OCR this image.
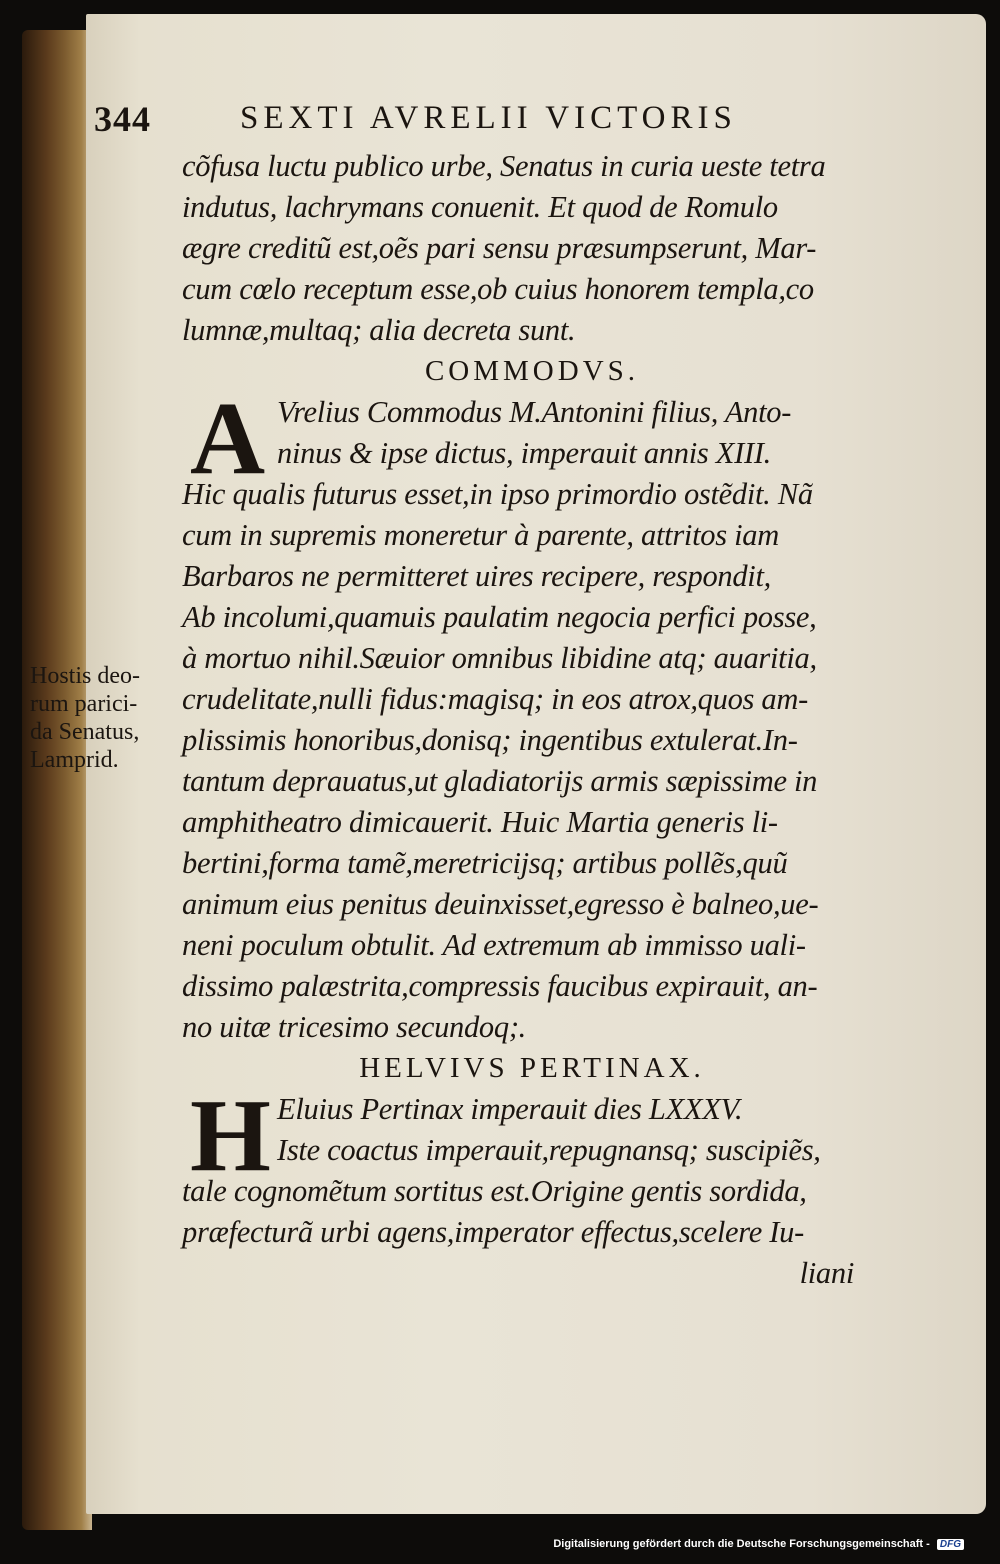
344	SEXTI AVRELII VICTORIS
cõfusa luctu publico urbe, Senatus in curia ueste tetra
indutus, lachrymans conuenit. Et quod de Romulo
ægre creditũ est,oẽs pari sensu præsumpserunt, Mar-
cum cœlo receptum esse,ob cuius honorem templa,co
lumnæ,multaq; alia decreta sunt.
COMMODVS.
A Vrelius Commodus M.Antonini filius, Anto-
ninus & ipse dictus, imperauit annis XIII.
Hic qualis futurus esset,in ipso primordio ostẽdit. Nã
cum in supremis moneretur à parente, attritos iam
Barbaros ne permitteret uires recipere, respondit,
Ab incolumi,quamuis paulatim negocia perfici posse,
à mortuo nihil.Sæuior omnibus libidine atq; auaritia,
crudelitate,nulli fidus:magisq; in eos atrox,quos am-
plissimis honoribus,donisq; ingentibus extulerat.In-
tantum deprauatus,ut gladiatorijs armis sæpissime in
amphitheatro dimicauerit. Huic Martia generis li-
bertini,forma tamẽ,meretricijsq; artibus pollẽs,quũ
animum eius penitus deuinxisset,egresso è balneo,ue-
neni poculum obtulit. Ad extremum ab immisso uali-
dissimo palæstrita,compressis faucibus expirauit, an-
no uitæ tricesimo secundoq;.
HELVIVS PERTINAX.
H Eluius Pertinax imperauit dies LXXXV.
Iste coactus imperauit,repugnansq; suscipiẽs,
tale cognomẽtum sortitus est.Origine gentis sordida,
præfecturã urbi agens,imperator effectus,scelere Iu-
liani
Hostis deo-
rum parici-
da Senatus,
Lamprid.
Digitalisierung gefördert durch die Deutsche Forschungsgemeinschaft - DFG
